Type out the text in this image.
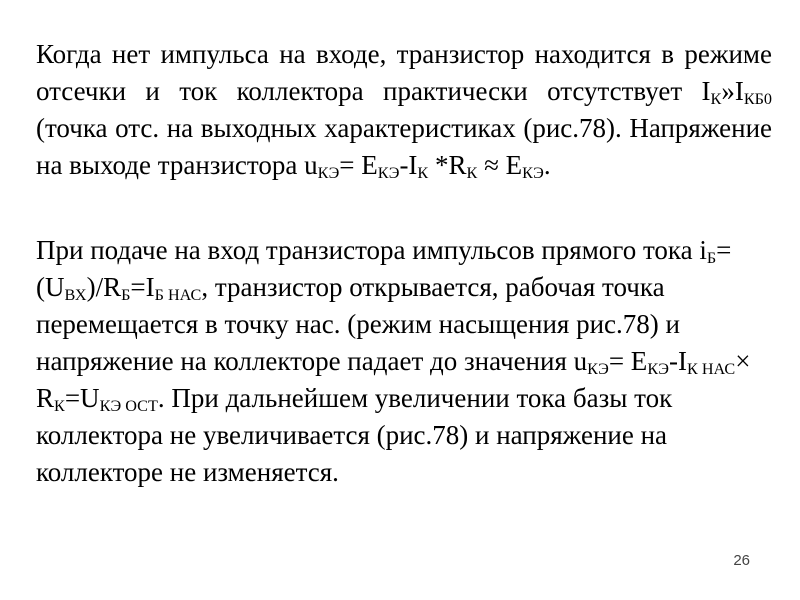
Когда нет импульса на входе, транзистор находится в режиме отсечки и ток коллектора практически отсутствует $I_К»I_{КБ0}$ (точка отс. на выходных характеристиках (рис.78). Напряжение на выходе транзистора $u_{КЭ}= E_{КЭ}-I_К$ $*R_К \approx E_{КЭ}$.

При подаче на вход транзистора импульсов прямого тока $i_Б=(U_{ВХ})/R_Б=I_{Б НАС}$, транзистор открывается, рабочая точка перемещается в точку нас. (режим насыщения рис.78) и напряжение на коллекторе падает до значения $u_{КЭ}= E_{КЭ}-I_{К НАС}\times R_К=U_{КЭ ОСТ}$. При дальнейшем увеличении тока базы ток коллектора не увеличивается (рис.78) и напряжение на коллекторе не изменяется.

26
